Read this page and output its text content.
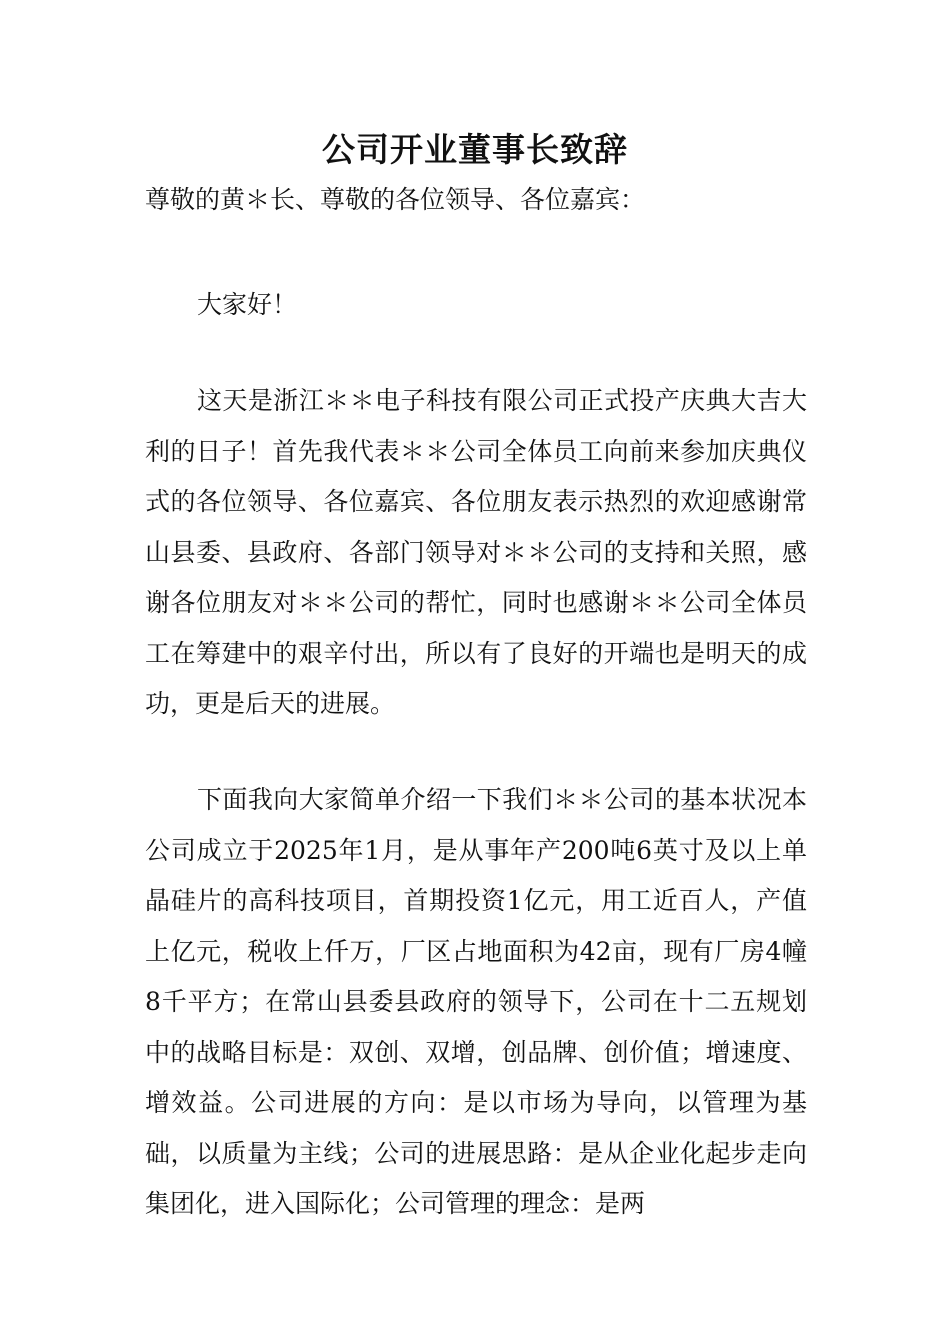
公司开业董事长致辞

尊敬的黄＊长、尊敬的各位领导、各位嘉宾：

大家好！

这天是浙江＊＊电子科技有限公司正式投产庆典大吉大利的日子！首先我代表＊＊公司全体员工向前来参加庆典仪式的各位领导、各位嘉宾、各位朋友表示热烈的欢迎感谢常山县委、县政府、各部门领导对＊＊公司的支持和关照，感谢各位朋友对＊＊公司的帮忙，同时也感谢＊＊公司全体员工在筹建中的艰辛付出，所以有了良好的开端也是明天的成功，更是后天的进展。

下面我向大家简单介绍一下我们＊＊公司的基本状况本公司成立于2025年1月，是从事年产200吨6英寸及以上单晶硅片的高科技项目，首期投资1亿元，用工近百人，产值上亿元，税收上仟万，厂区占地面积为42亩，现有厂房4幢8千平方；在常山县委县政府的领导下，公司在十二五规划中的战略目标是：双创、双增，创品牌、创价值；增速度、增效益。公司进展的方向：是以市场为导向，以管理为基础，以质量为主线；公司的进展思路：是从企业化起步走向集团化，进入国际化；公司管理的理念：是两
